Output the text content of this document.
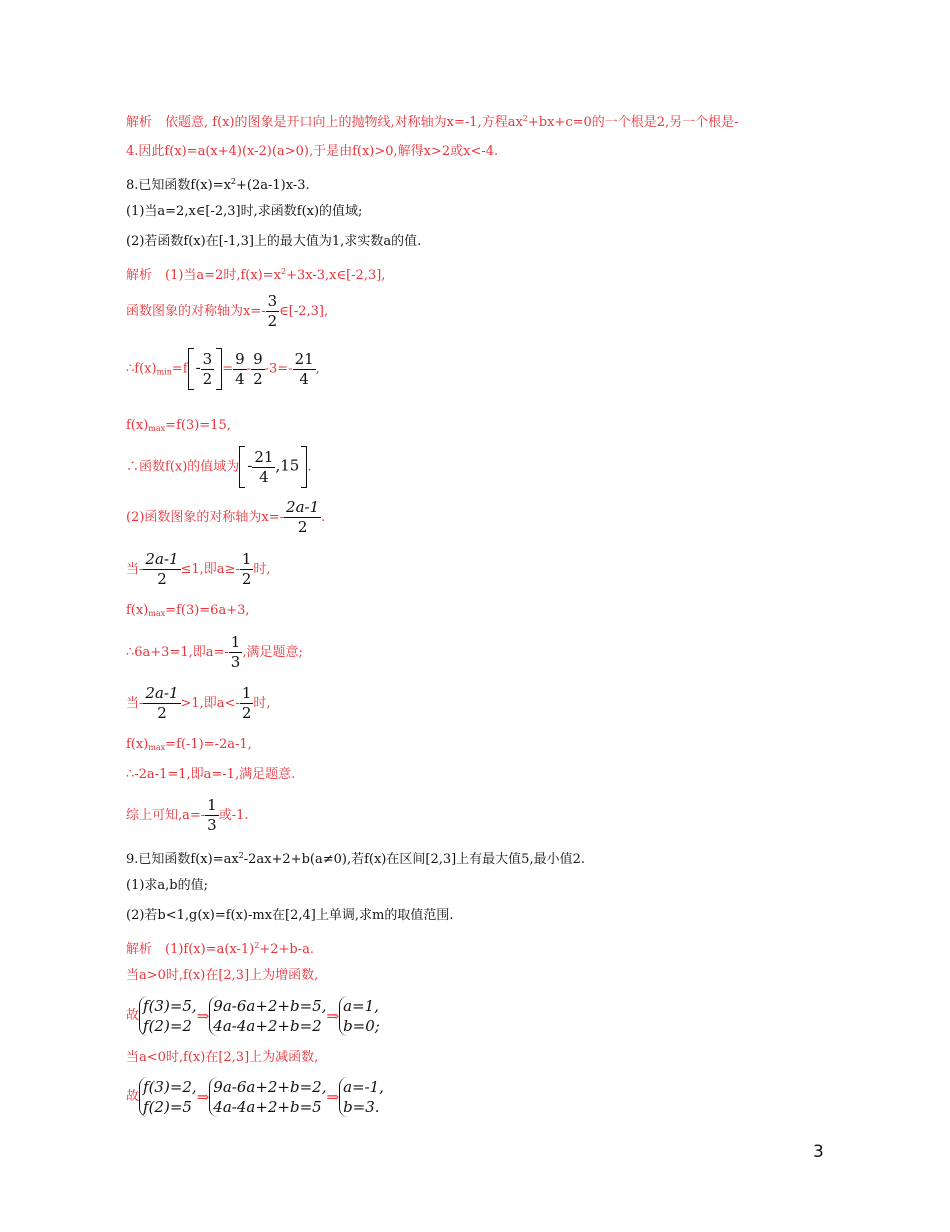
解析　依题意, f(x)的图象是开口向上的抛物线,对称轴为x=-1,方程$ax^2+bx+c=0$的一个根是2,另一个根是-
4.因此f(x)=a(x+4)(x-2)(a>0),于是由f(x)>0,解得x>2或x<-4.
8.已知函数$f(x)=x^2+(2a-1)x-3$.
(1)当a=2,x∈[-2,3]时,求函数f(x)的值域;
(2)若函数f(x)在[-1,3]上的最大值为1,求实数a的值.
解析　(1)当a=2时$,f(x)=x^2+3x-3,x\in[-2,3]$,
函数图象的对称轴为$x=- \frac{3}{2}$ ∈[-2,3],
$\therefore f(x)_{min}=f - \frac{3}{2} = \frac{9}{4} - \frac{9}{2} -3=- \frac{21}{4}$ ,
$f(x)_{max}=f(3)=15$,
∴函数f(x)的值域为 - $\frac{21}{4} ,15$ .
(2)函数图象的对称轴为$x=- \frac{2a-1}{2}$ .
当- $\frac{2a-1}{2} \le 1$,即$a\ge- \frac{1}{2}$ 时,
$f(x)_{max}=f(3)=6a+3$,
∴6a+3=1,即$a=- \frac{1}{3}$ ,满足题意;
当- $\frac{2a-1}{2} >1$,即$a<- \frac{1}{2}$ 时,
$f(x)_{max}=f(-1)=-2a-1$,
∴-2a-1=1,即a=-1,满足题意.
综上可知$,a=- \frac{1}{3}$ 或-1.
9.已知函数$f(x)=ax^2-2ax+2+b(a\ne 0)$,若f(x)在区间[2,3]上有最大值5,最小值2.
(1)求a,b的值;
(2)若b<1,g(x)=f(x)-mx在[2,4]上单调,求m的取值范围.
解析　$(1)f(x)=a(x-1)^2+2+b-a$.
当a>0时,f(x)在[2,3]上为增函数,
故
f(3)=5,
f(2)=2
⇒
9a-6a+2+b=5,
4a-4a+2+b=2
⇒
a=1,
b=0;
当a<0时,f(x)在[2,3]上为减函数,
故
f(3)=2,
f(2)=5
⇒
9a-6a+2+b=2,
4a-4a+2+b=5
⇒
a=-1,
b=3.
3
